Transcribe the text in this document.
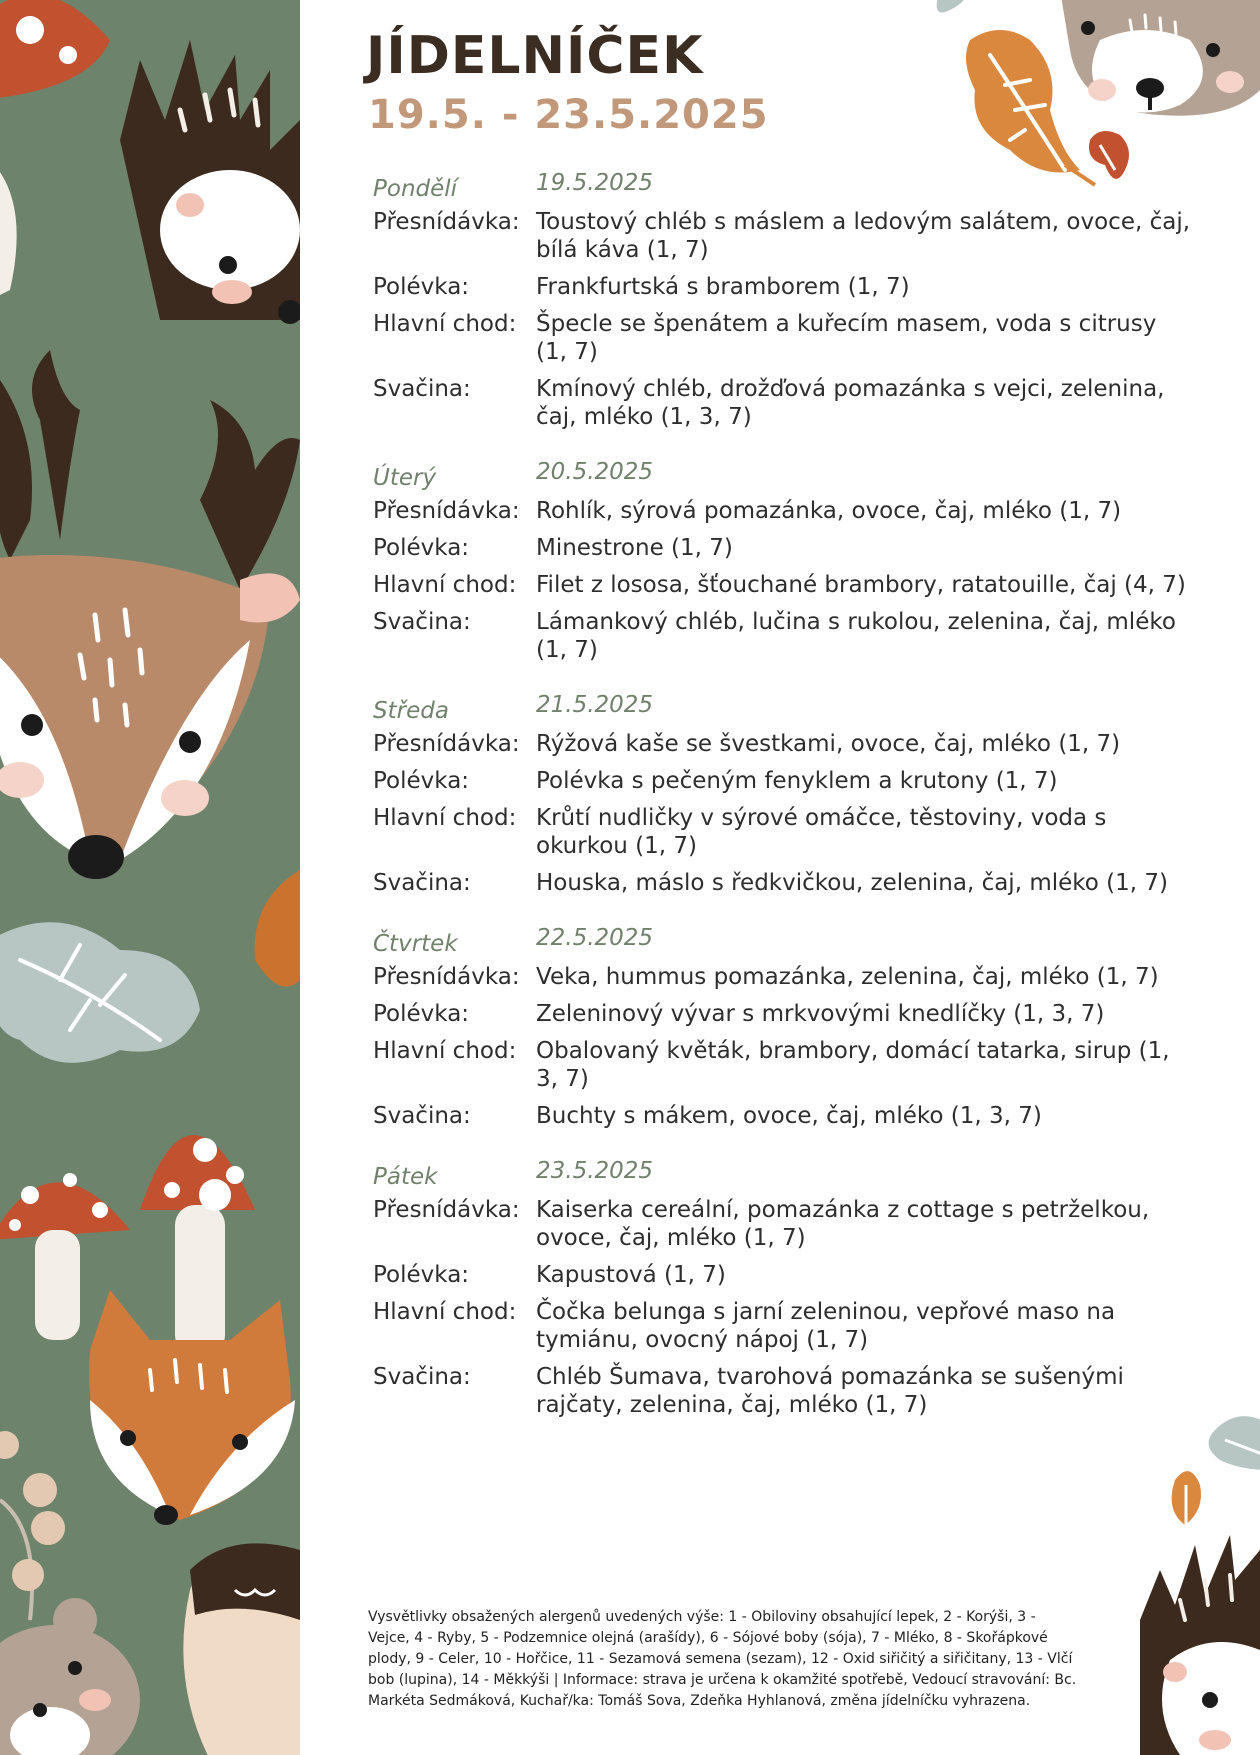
JÍDELNÍČEK
19.5. - 23.5.2025
Pondělí	19.5.2025
Přesnídávka: Toustový chléb s máslem a ledovým salátem, ovoce, čaj, bílá káva (1, 7)
Polévka:	Frankfurtská s bramborem (1, 7)
Hlavní chod: Špecle se špenátem a kuřecím masem, voda s citrusy (1, 7)
Svačina:	Kmínový chléb, drožďová pomazánka s vejci, zelenina, čaj, mléko (1, 3, 7)
Úterý	20.5.2025
Přesnídávka: Rohlík, sýrová pomazánka, ovoce, čaj, mléko (1, 7)
Polévka:	Minestrone (1, 7)
Hlavní chod: Filet z lososa, šťouchané brambory, ratatouille, čaj (4, 7)
Svačina:	Lámankový chléb, lučina s rukolou, zelenina, čaj, mléko (1, 7)
Středa	21.5.2025
Přesnídávka: Rýžová kaše se švestkami, ovoce, čaj, mléko (1, 7)
Polévka:	Polévka s pečeným fenyklem a krutony (1, 7)
Hlavní chod: Krůtí nudličky v sýrové omáčce, těstoviny, voda s okurkou (1, 7)
Svačina:	Houska, máslo s ředkvičkou, zelenina, čaj, mléko (1, 7)
Čtvrtek	22.5.2025
Přesnídávka: Veka, hummus pomazánka, zelenina, čaj, mléko (1, 7)
Polévka:	Zeleninový vývar s mrkvovými knedlíčky (1, 3, 7)
Hlavní chod: Obalovaný květák, brambory, domácí tatarka, sirup (1, 3, 7)
Svačina:	Buchty s mákem, ovoce, čaj, mléko (1, 3, 7)
Pátek	23.5.2025
Přesnídávka: Kaiserka cereální, pomazánka z cottage s petrželkou, ovoce, čaj, mléko (1, 7)
Polévka:	Kapustová (1, 7)
Hlavní chod: Čočka belunga s jarní zeleninou, vepřové maso na tymiánu, ovocný nápoj (1, 7)
Svačina:	Chléb Šumava, tvarohová pomazánka se sušenými rajčaty, zelenina, čaj, mléko (1, 7)
Vysvětlivky obsažených alergenů uvedených výše: 1 - Obiloviny obsahující lepek, 2 - Korýši, 3 - Vejce, 4 - Ryby, 5 - Podzemnice olejná (arašídy), 6 - Sójové boby (sója), 7 - Mléko, 8 - Skořápkové plody, 9 - Celer, 10 - Hořčice, 11 - Sezamová semena (sezam), 12 - Oxid siřičitý a siřičitany, 13 - Vlčí bob (lupina), 14 - Měkkýši | Informace: strava je určena k okamžité spotřebě, Vedoucí stravování: Bc. Markéta Sedmáková, Kuchař/ka: Tomáš Sova, Zdeňka Hyhlanová, změna jídelníčku vyhrazena.
